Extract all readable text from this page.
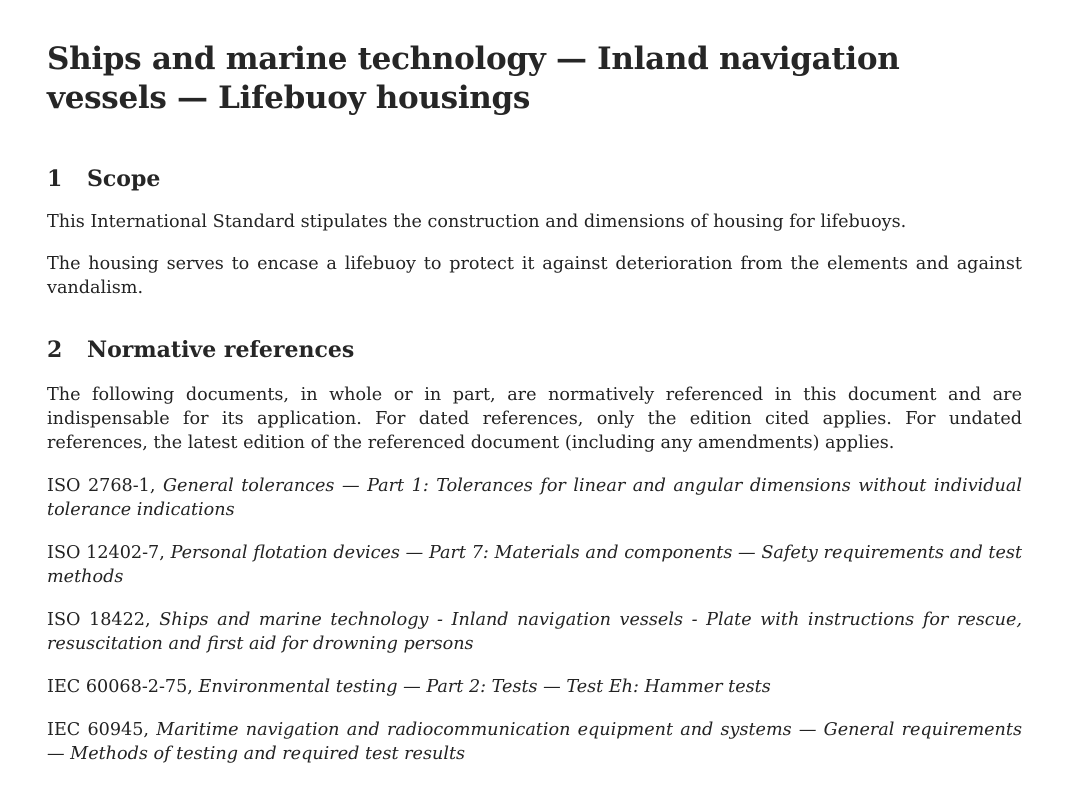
Ships and marine technology — Inland navigation vessels — Lifebuoy housings
1 Scope

This International Standard stipulates the construction and dimensions of housing for lifebuoys.

The housing serves to encase a lifebuoy to protect it against deterioration from the elements and against vandalism.

2 Normative references

The following documents, in whole or in part, are normatively referenced in this document and are indispensable for its application. For dated references, only the edition cited applies. For undated references, the latest edition of the referenced document (including any amendments) applies.

ISO 2768-1, General tolerances — Part 1: Tolerances for linear and angular dimensions without individual tolerance indications

ISO 12402-7, Personal flotation devices — Part 7: Materials and components — Safety requirements and test methods

ISO 18422, Ships and marine technology - Inland navigation vessels - Plate with instructions for rescue, resuscitation and first aid for drowning persons

IEC 60068-2-75, Environmental testing — Part 2: Tests — Test Eh: Hammer tests

IEC 60945, Maritime navigation and radiocommunication equipment and systems — General requirements — Methods of testing and required test results
